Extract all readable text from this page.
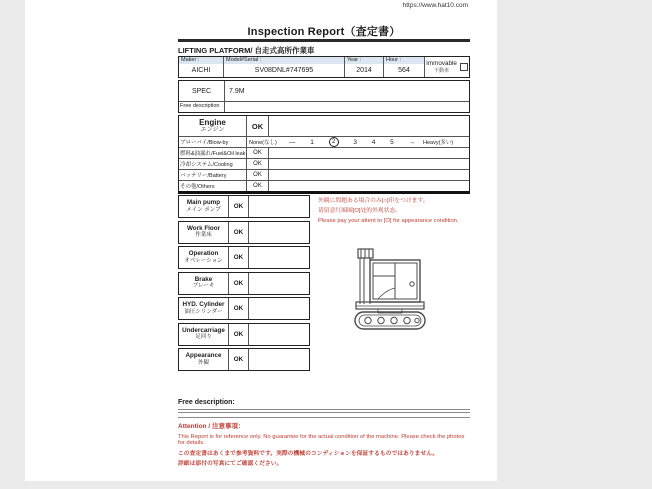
https://www.hat10.com
Inspection Report（査定書）
LIFTING PLATFORM/ 自走式高所作業車
Maker :
AICHI
Model#Serial :
SV08DNL#747695
Year :
2014
Hour :
564
Immovable
不動車
SPEC	7.9M
Free description
Engine
エンジン	OK
ブローバイ/Blow-by	None(なし)	— 1	2	3 4 5 → Heavy(多い)
燃料&油漏れ/Fuel&Oil leak	OK
冷却システム/Cooling	OK
バッテリー/Battery	OK
その他/Others	OK
Main pump
メイン ポンプ	OK
Work Floor
作業床	OK
Operation
オペレーション	OK
Brake
ブレーキ	OK
HYD. Cylinder
油圧シリンダー	OK
Undercarriage
足回り	OK
Appearance
外観	OK
外観に問題ある場合のみ[○]印をつけます。
请留意红圈圈[O]处的外观状态。
Please pay your attent to [O] for appearance condition.
Free description:
Attention / 注意事項：
This Report is for reference only. No guarantee for the actual condition of the machine. Please check the photos for details.
この査定書はあくまで参考資料です。実際の機械のコンディションを保証するものではありません。
詳細は添付の写真にてご確認ください。
